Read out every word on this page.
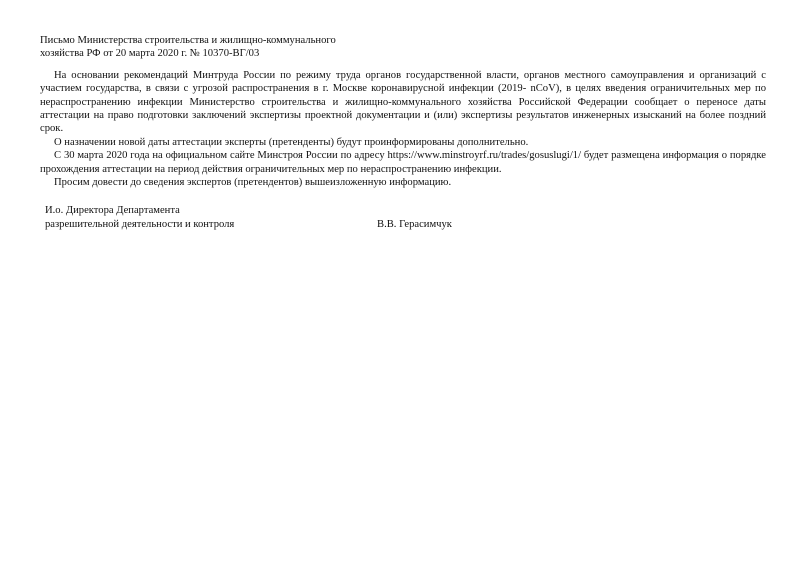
Письмо Министерства строительства и жилищно-коммунального
хозяйства РФ от 20 марта 2020 г. № 10370-ВГ/03

На основании рекомендаций Минтруда России по режиму труда органов государственной власти, органов местного самоуправления и организаций с участием государства, в связи с угрозой распространения в г. Москве коронавирусной инфекции (2019- nCoV), в целях введения ограничительных мер по нераспространению инфекции Министерство строительства и жилищно-коммунального хозяйства Российской Федерации сообщает о переносе даты аттестации на право подготовки заключений экспертизы проектной документации и (или) экспертизы результатов инженерных изысканий на более поздний срок.

О назначении новой даты аттестации эксперты (претенденты) будут проинформированы дополнительно.

С 30 марта 2020 года на официальном сайте Минстроя России по адресу https://www.minstroyrf.ru/trades/gosuslugi/1/ будет размещена информация о порядке прохождения аттестации на период действия ограничительных мер по нераспространению инфекции.

Просим довести до сведения экспертов (претендентов) вышеизложенную информацию.

И.о. Директора Департамента
разрешительной деятельности и контроля	В.В. Герасимчук
